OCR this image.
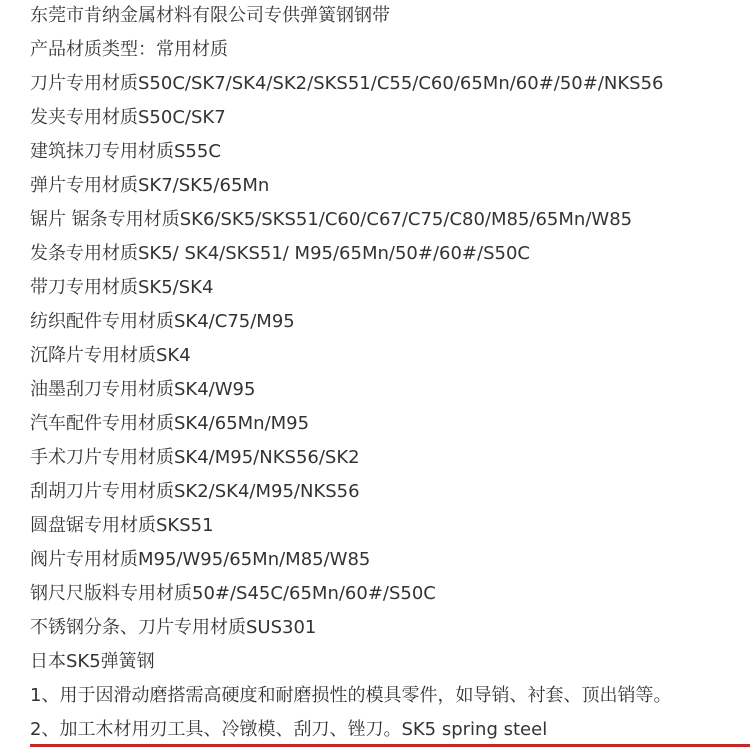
东莞市肯纳金属材料有限公司专供弹簧钢钢带
产品材质类型：常用材质
刀片专用材质S50C/SK7/SK4/SK2/SKS51/C55/C60/65Mn/60#/50#/NKS56
发夹专用材质S50C/SK7
建筑抹刀专用材质S55C
弹片专用材质SK7/SK5/65Mn
锯片 锯条专用材质SK6/SK5/SKS51/C60/C67/C75/C80/M85/65Mn/W85
发条专用材质SK5/ SK4/SKS51/ M95/65Mn/50#/60#/S50C
带刀专用材质SK5/SK4
纺织配件专用材质SK4/C75/M95
沉降片专用材质SK4
油墨刮刀专用材质SK4/W95
汽车配件专用材质SK4/65Mn/M95
手术刀片专用材质SK4/M95/NKS56/SK2
刮胡刀片专用材质SK2/SK4/M95/NKS56
圆盘锯专用材质SKS51
阀片专用材质M95/W95/65Mn/M85/W85
钢尺尺版料专用材质50#/S45C/65Mn/60#/S50C
不锈钢分条、刀片专用材质SUS301
日本SK5弹簧钢
1、用于因滑动磨搭需高硬度和耐磨损性的模具零件，如导销、衬套、顶出销等。
2、加工木材用刃工具、冷镦模、刮刀、锉刀。SK5 spring steel
